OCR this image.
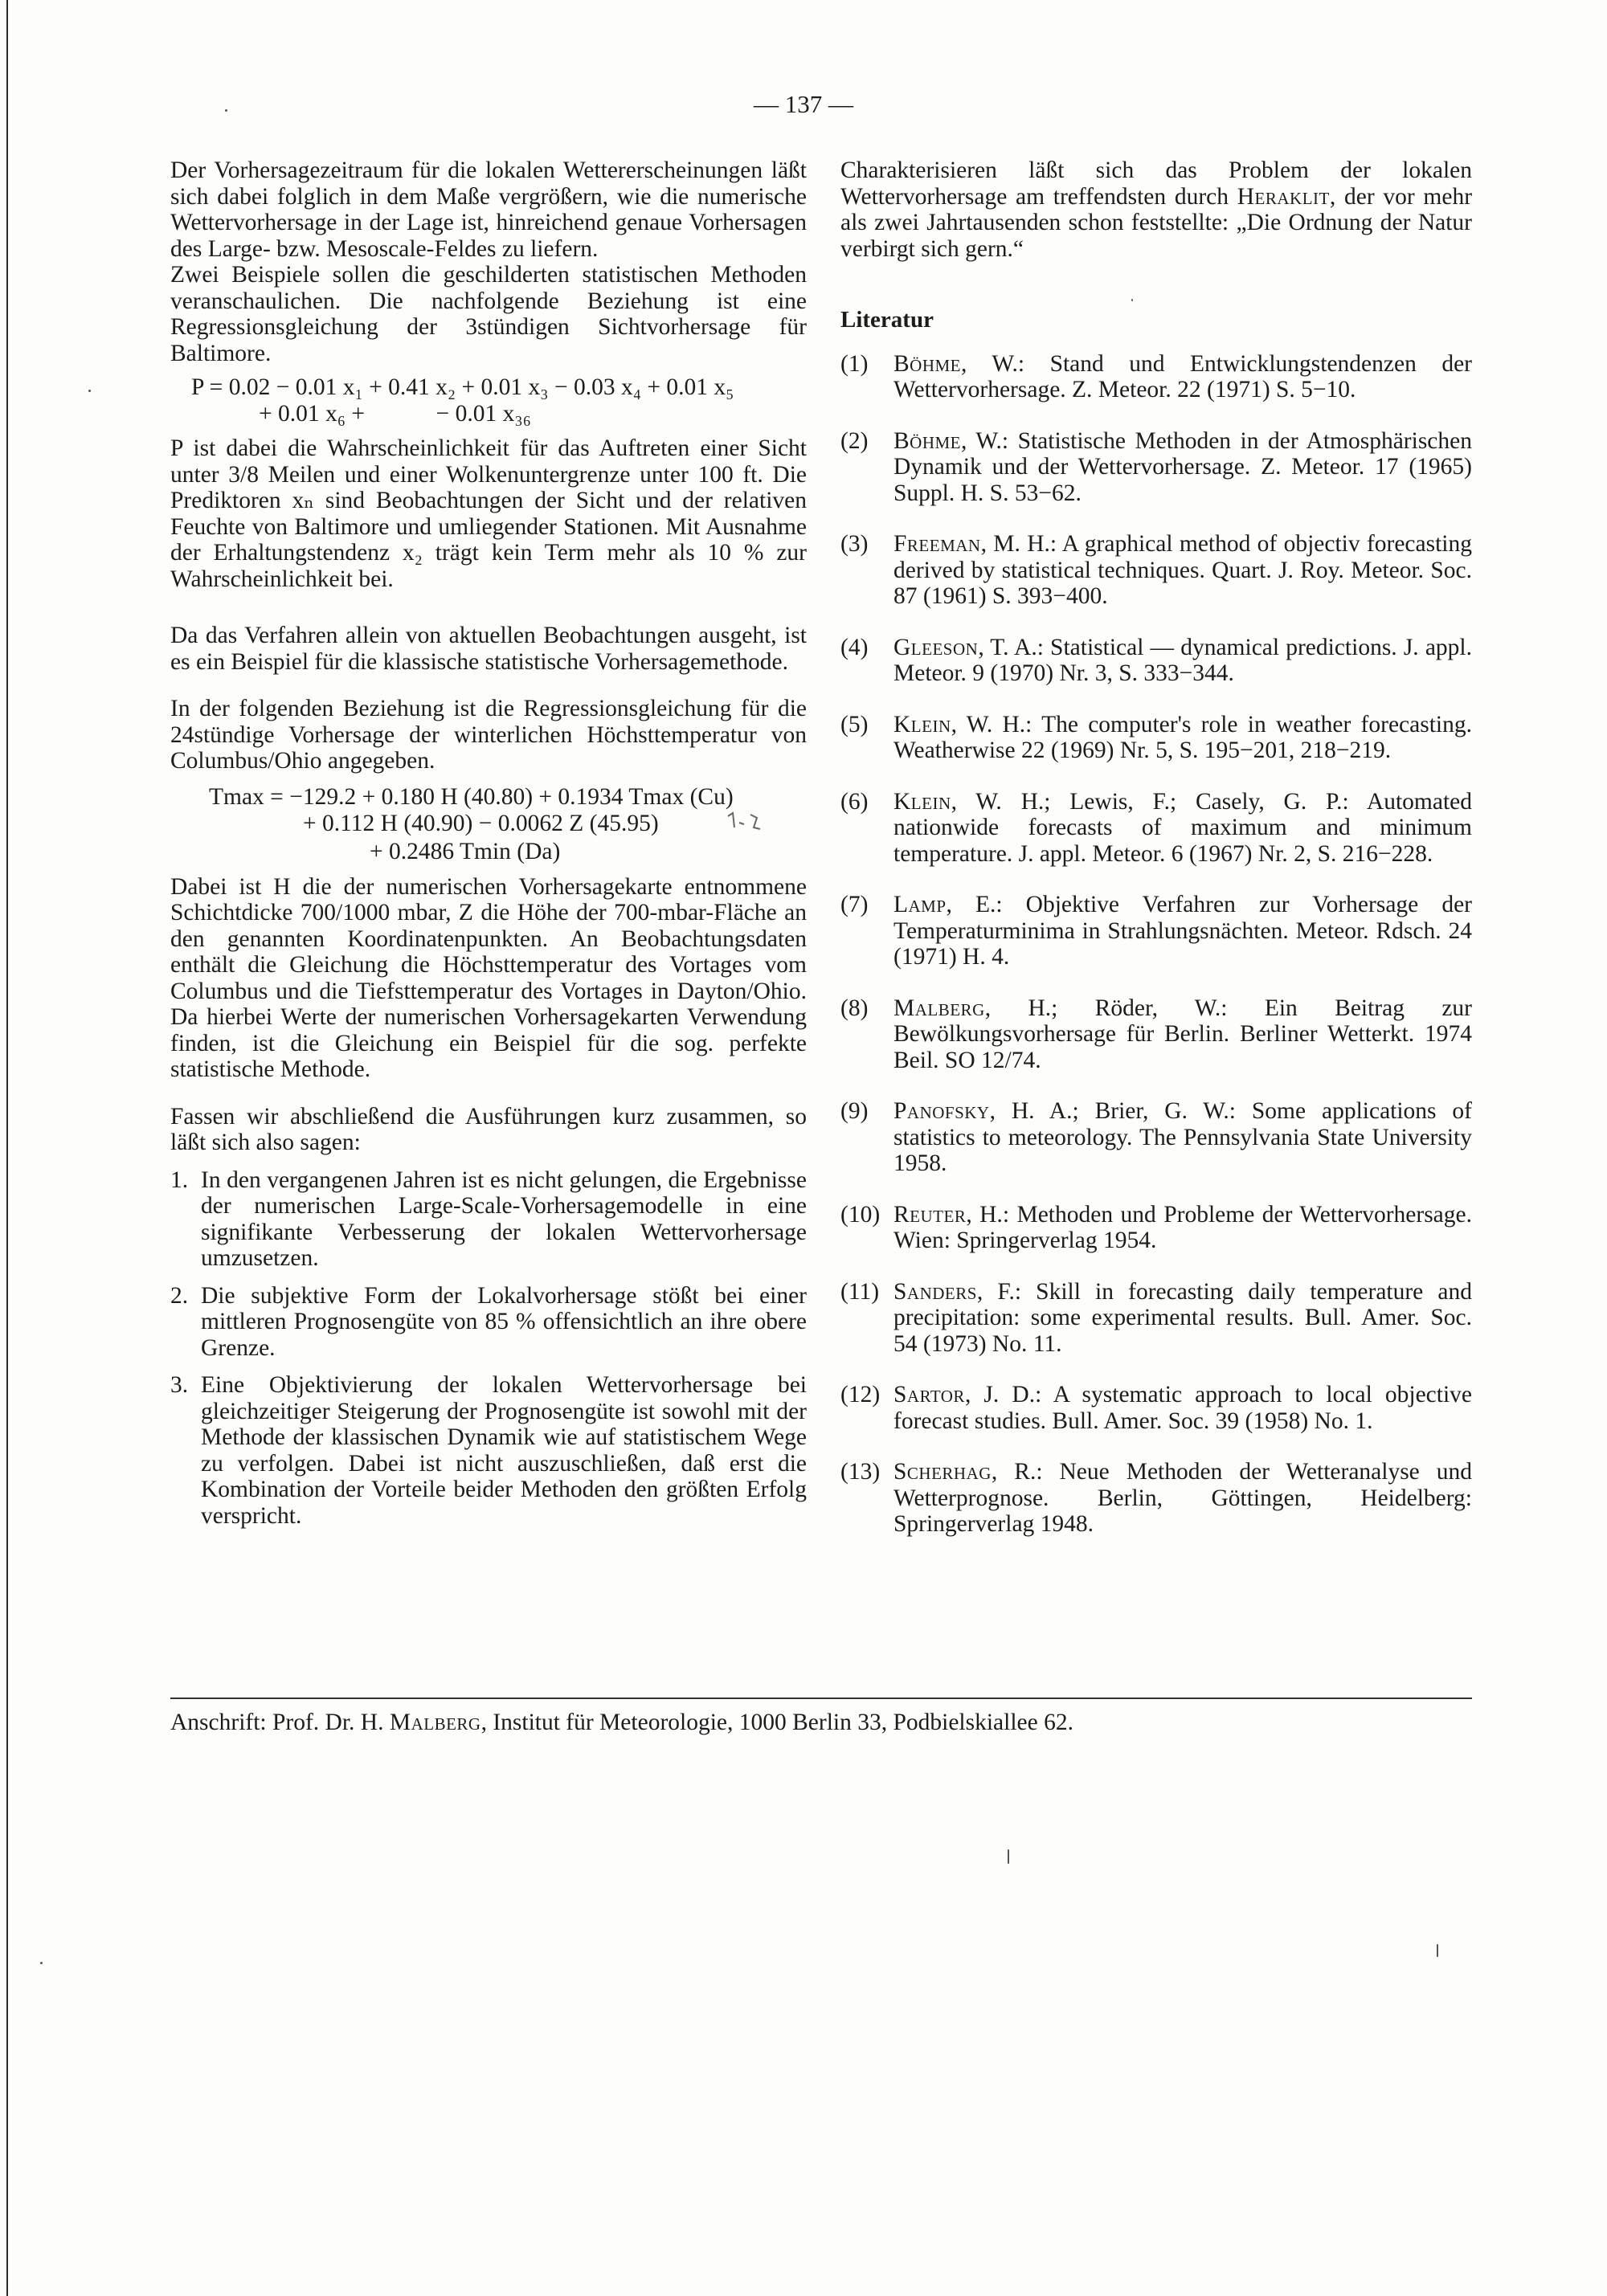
— 137 —

Der Vorhersagezeitraum für die lokalen Wettererscheinungen läßt sich dabei folglich in dem Maße vergrößern, wie die numerische Wettervorhersage in der Lage ist, hinreichend genaue Vorhersagen des Large- bzw. Mesoscale-Feldes zu liefern.

Zwei Beispiele sollen die geschilderten statistischen Methoden veranschaulichen. Die nachfolgende Beziehung ist eine Regressionsgleichung der 3stündigen Sichtvorhersage für Baltimore.

P = 0.02 − 0.01 x₁ + 0.41 x₂ + 0.01 x₃ − 0.03 x₄ + 0.01 x₅
+ 0.01 x₆ +            − 0.01 x₃₆

P ist dabei die Wahrscheinlichkeit für das Auftreten einer Sicht unter 3/8 Meilen und einer Wolkenuntergrenze unter 100 ft. Die Prediktoren xₙ sind Beobachtungen der Sicht und der relativen Feuchte von Baltimore und umliegender Stationen. Mit Ausnahme der Erhaltungstendenz x₂ trägt kein Term mehr als 10 % zur Wahrscheinlichkeit bei.

Da das Verfahren allein von aktuellen Beobachtungen ausgeht, ist es ein Beispiel für die klassische statistische Vorhersagemethode.

In der folgenden Beziehung ist die Regressionsgleichung für die 24stündige Vorhersage der winterlichen Höchsttemperatur von Columbus/Ohio angegeben.

Tmax = −129.2 + 0.180 H (40.80) + 0.1934 Tmax (Cu)
+ 0.112 H (40.90) − 0.0062 Z (45.95)
+ 0.2486 Tmin (Da)

Dabei ist H die der numerischen Vorhersagekarte entnommene Schichtdicke 700/1000 mbar, Z die Höhe der 700-mbar-Fläche an den genannten Koordinatenpunkten. An Beobachtungsdaten enthält die Gleichung die Höchsttemperatur des Vortages vom Columbus und die Tiefsttemperatur des Vortages in Dayton/Ohio. Da hierbei Werte der numerischen Vorhersagekarten Verwendung finden, ist die Gleichung ein Beispiel für die sog. perfekte statistische Methode.

Fassen wir abschließend die Ausführungen kurz zusammen, so läßt sich also sagen:

1. In den vergangenen Jahren ist es nicht gelungen, die Ergebnisse der numerischen Large-Scale-Vorhersagemodelle in eine signifikante Verbesserung der lokalen Wettervorhersage umzusetzen.
2. Die subjektive Form der Lokalvorhersage stößt bei einer mittleren Prognosengüte von 85 % offensichtlich an ihre obere Grenze.
3. Eine Objektivierung der lokalen Wettervorhersage bei gleichzeitiger Steigerung der Prognosengüte ist sowohl mit der Methode der klassischen Dynamik wie auf statistischem Wege zu verfolgen. Dabei ist nicht auszuschließen, daß erst die Kombination der Vorteile beider Methoden den größten Erfolg verspricht.

Charakterisieren läßt sich das Problem der lokalen Wettervorhersage am treffendsten durch Heraklit, der vor mehr als zwei Jahrtausenden schon feststellte: „Die Ordnung der Natur verbirgt sich gern.“

Literatur
(1)	Böhme, W.: Stand und Entwicklungstendenzen der Wettervorhersage. Z. Meteor. 22 (1971) S. 5−10.
(2)	Böhme, W.: Statistische Methoden in der Atmosphärischen Dynamik und der Wettervorhersage. Z. Meteor. 17 (1965) Suppl. H. S. 53−62.
(3)	Freeman, M. H.: A graphical method of objectiv forecasting derived by statistical techniques. Quart. J. Roy. Meteor. Soc. 87 (1961) S. 393−400.
(4)	Gleeson, T. A.: Statistical — dynamical predictions. J. appl. Meteor. 9 (1970) Nr. 3, S. 333−344.
(5)	Klein, W. H.: The computer's role in weather forecasting. Weatherwise 22 (1969) Nr. 5, S. 195−201, 218−219.
(6)	Klein, W. H.; Lewis, F.; Casely, G. P.: Automated nationwide forecasts of maximum and minimum temperature. J. appl. Meteor. 6 (1967) Nr. 2, S. 216−228.
(7)	Lamp, E.: Objektive Verfahren zur Vorhersage der Temperaturminima in Strahlungsnächten. Meteor. Rdsch. 24 (1971) H. 4.
(8)	Malberg, H.; Röder, W.: Ein Beitrag zur Bewölkungsvorhersage für Berlin. Berliner Wetterkt. 1974 Beil. SO 12/74.
(9)	Panofsky, H. A.; Brier, G. W.: Some applications of statistics to meteorology. The Pennsylvania State University 1958.
(10) Reuter, H.: Methoden und Probleme der Wettervorhersage. Wien: Springerverlag 1954.
(11) Sanders, F.: Skill in forecasting daily temperature and precipitation: some experimental results. Bull. Amer. Soc. 54 (1973) No. 11.
(12) Sartor, J. D.: A systematic approach to local objective forecast studies. Bull. Amer. Soc. 39 (1958) No. 1.
(13) Scherhag, R.: Neue Methoden der Wetteranalyse und Wetterprognose. Berlin, Göttingen, Heidelberg: Springerverlag 1948.
Anschrift: Prof. Dr. H. Malberg, Institut für Meteorologie, 1000 Berlin 33, Podbielskiallee 62.
